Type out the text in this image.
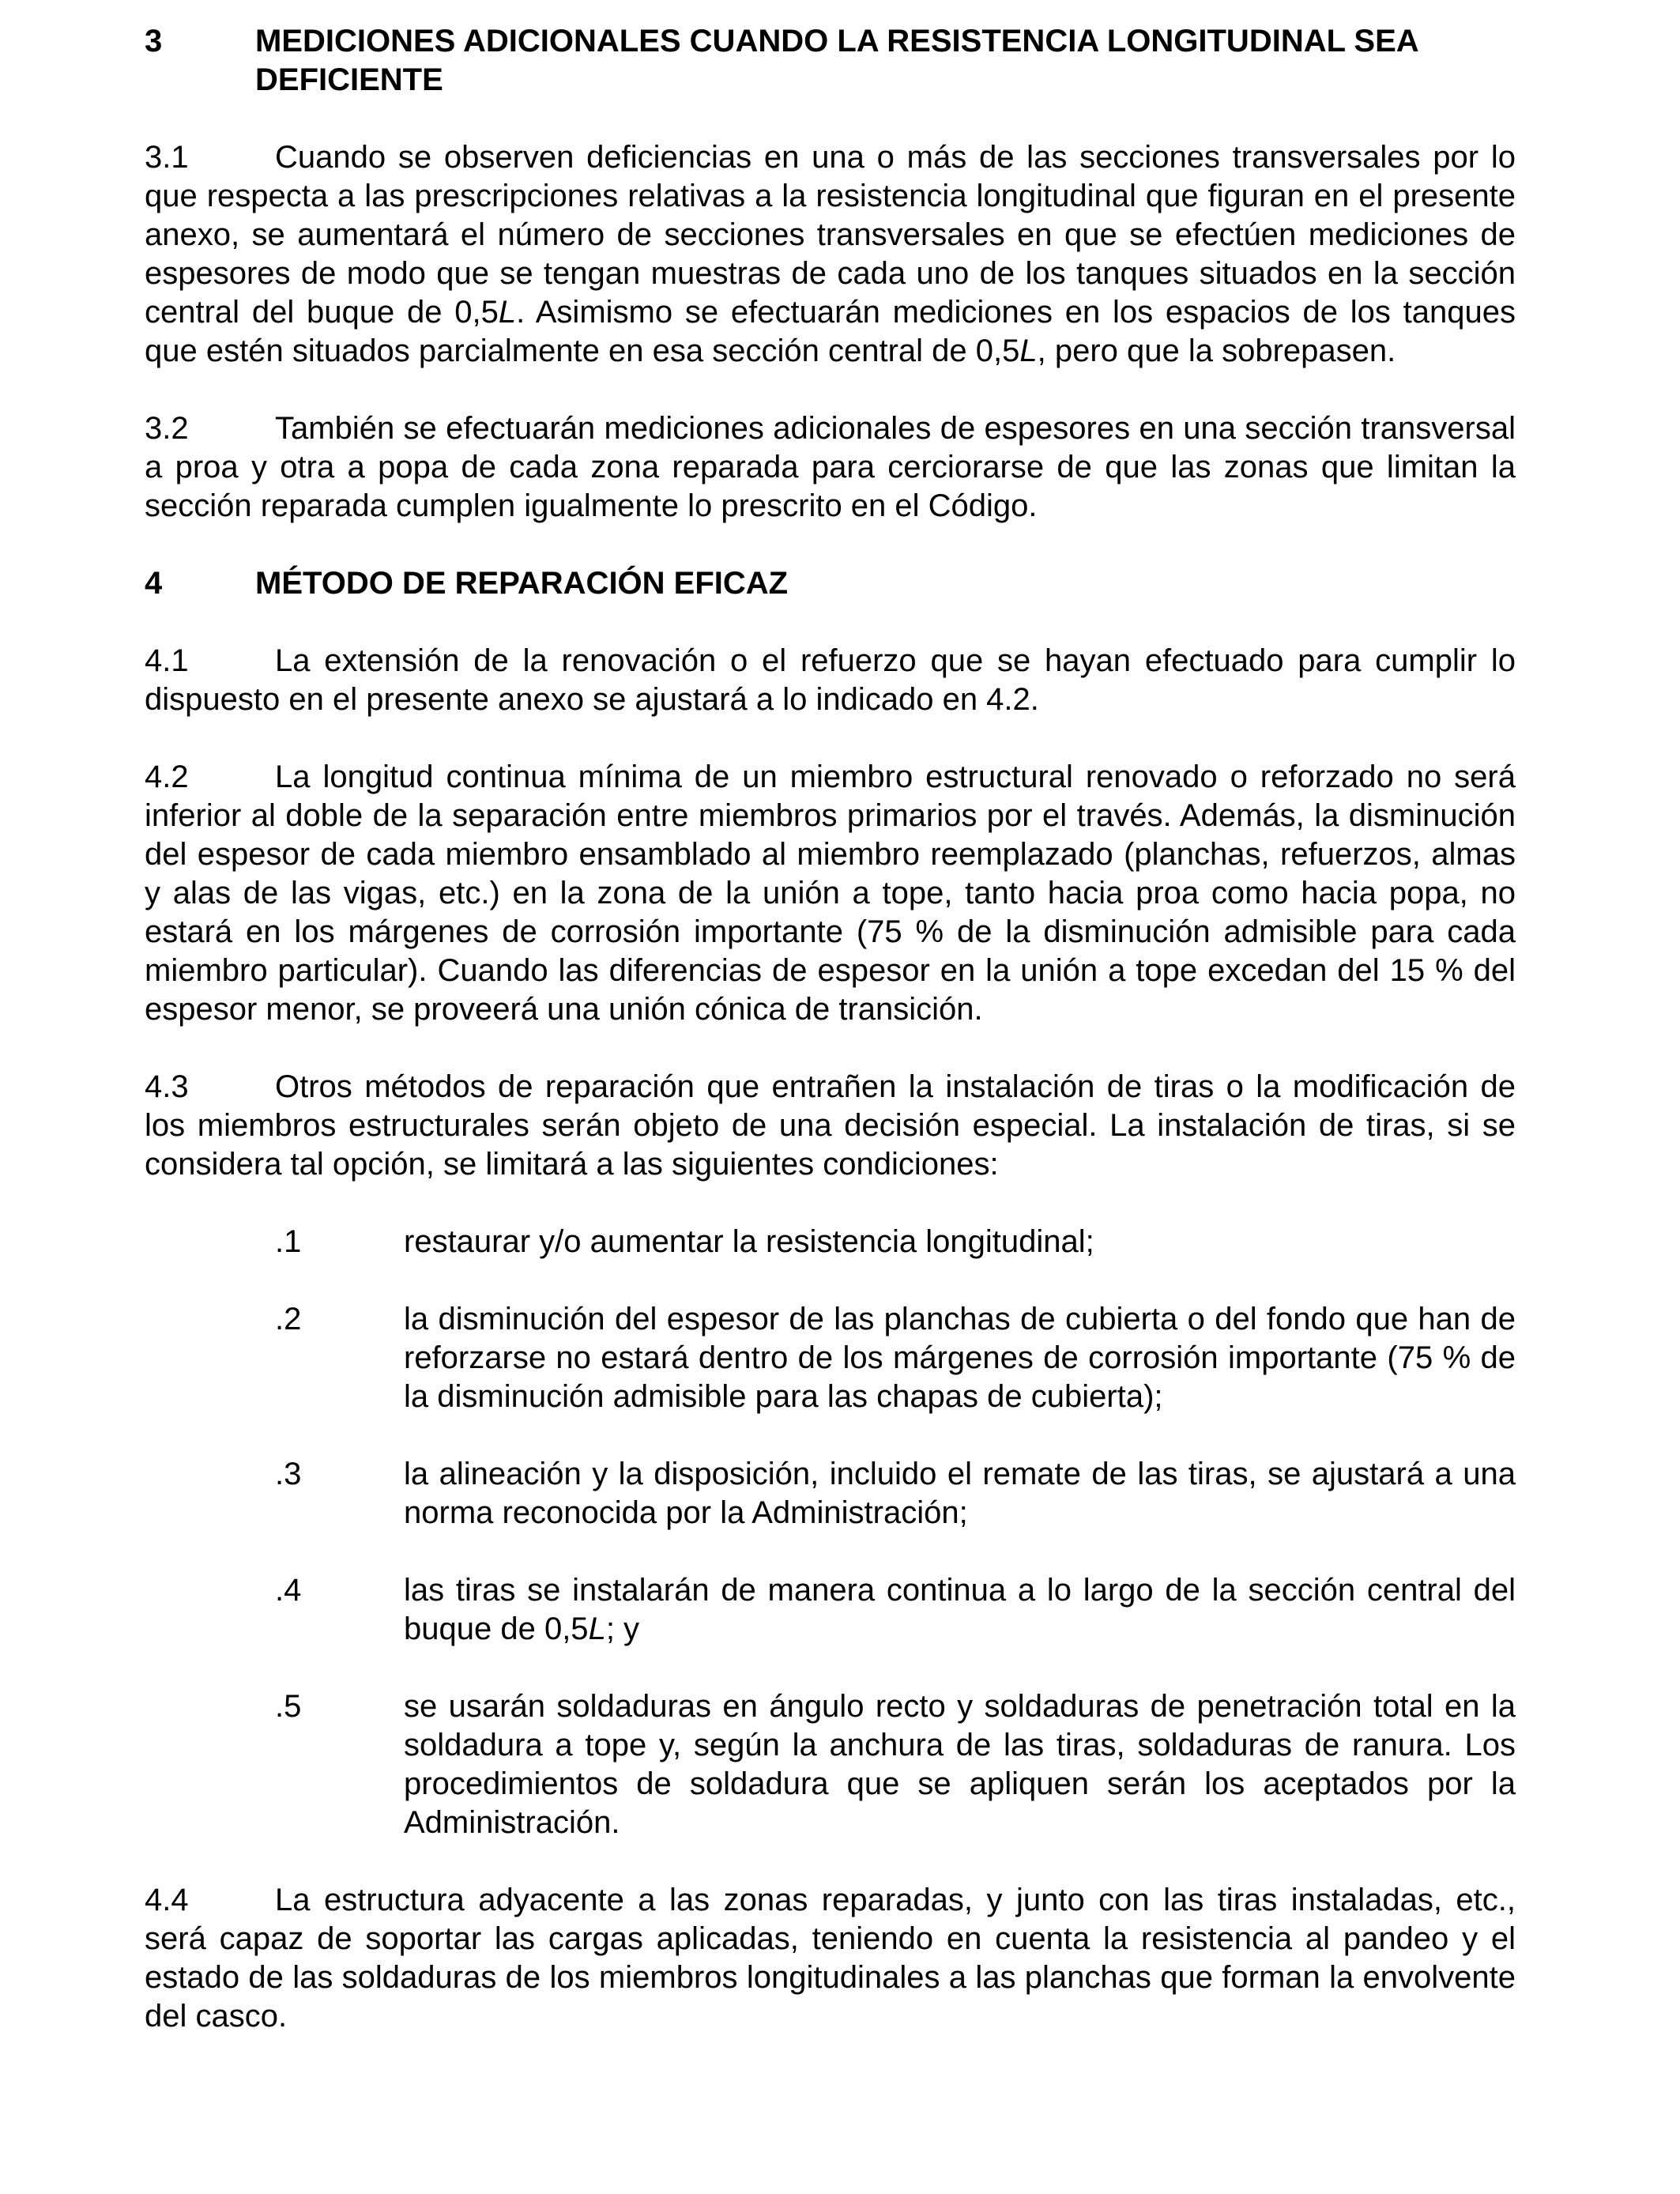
3	MEDICIONES ADICIONALES CUANDO LA RESISTENCIA LONGITUDINAL SEA DEFICIENTE

3.1	Cuando se observen deficiencias en una o más de las secciones transversales por lo que respecta a las prescripciones relativas a la resistencia longitudinal que figuran en el presente anexo, se aumentará el número de secciones transversales en que se efectúen mediciones de espesores de modo que se tengan muestras de cada uno de los tanques situados en la sección central del buque de 0,5L. Asimismo se efectuarán mediciones en los espacios de los tanques que estén situados parcialmente en esa sección central de 0,5L, pero que la sobrepasen.

3.2	También se efectuarán mediciones adicionales de espesores en una sección transversal a proa y otra a popa de cada zona reparada para cerciorarse de que las zonas que limitan la sección reparada cumplen igualmente lo prescrito en el Código.

4	MÉTODO DE REPARACIÓN EFICAZ

4.1	La extensión de la renovación o el refuerzo que se hayan efectuado para cumplir lo dispuesto en el presente anexo se ajustará a lo indicado en 4.2.

4.2	La longitud continua mínima de un miembro estructural renovado o reforzado no será inferior al doble de la separación entre miembros primarios por el través. Además, la disminución del espesor de cada miembro ensamblado al miembro reemplazado (planchas, refuerzos, almas y alas de las vigas, etc.) en la zona de la unión a tope, tanto hacia proa como hacia popa, no estará en los márgenes de corrosión importante (75 % de la disminución admisible para cada miembro particular). Cuando las diferencias de espesor en la unión a tope excedan del 15 % del espesor menor, se proveerá una unión cónica de transición.

4.3	Otros métodos de reparación que entrañen la instalación de tiras o la modificación de los miembros estructurales serán objeto de una decisión especial. La instalación de tiras, si se considera tal opción, se limitará a las siguientes condiciones:

.1	restaurar y/o aumentar la resistencia longitudinal;
.2	la disminución del espesor de las planchas de cubierta o del fondo que han de reforzarse no estará dentro de los márgenes de corrosión importante (75 % de la disminución admisible para las chapas de cubierta);
.3	la alineación y la disposición, incluido el remate de las tiras, se ajustará a una norma reconocida por la Administración;
.4	las tiras se instalarán de manera continua a lo largo de la sección central del buque de 0,5L; y
.5	se usarán soldaduras en ángulo recto y soldaduras de penetración total en la soldadura a tope y, según la anchura de las tiras, soldaduras de ranura. Los procedimientos de soldadura que se apliquen serán los aceptados por la Administración.

4.4	La estructura adyacente a las zonas reparadas, y junto con las tiras instaladas, etc., será capaz de soportar las cargas aplicadas, teniendo en cuenta la resistencia al pandeo y el estado de las soldaduras de los miembros longitudinales a las planchas que forman la envolvente del casco.
